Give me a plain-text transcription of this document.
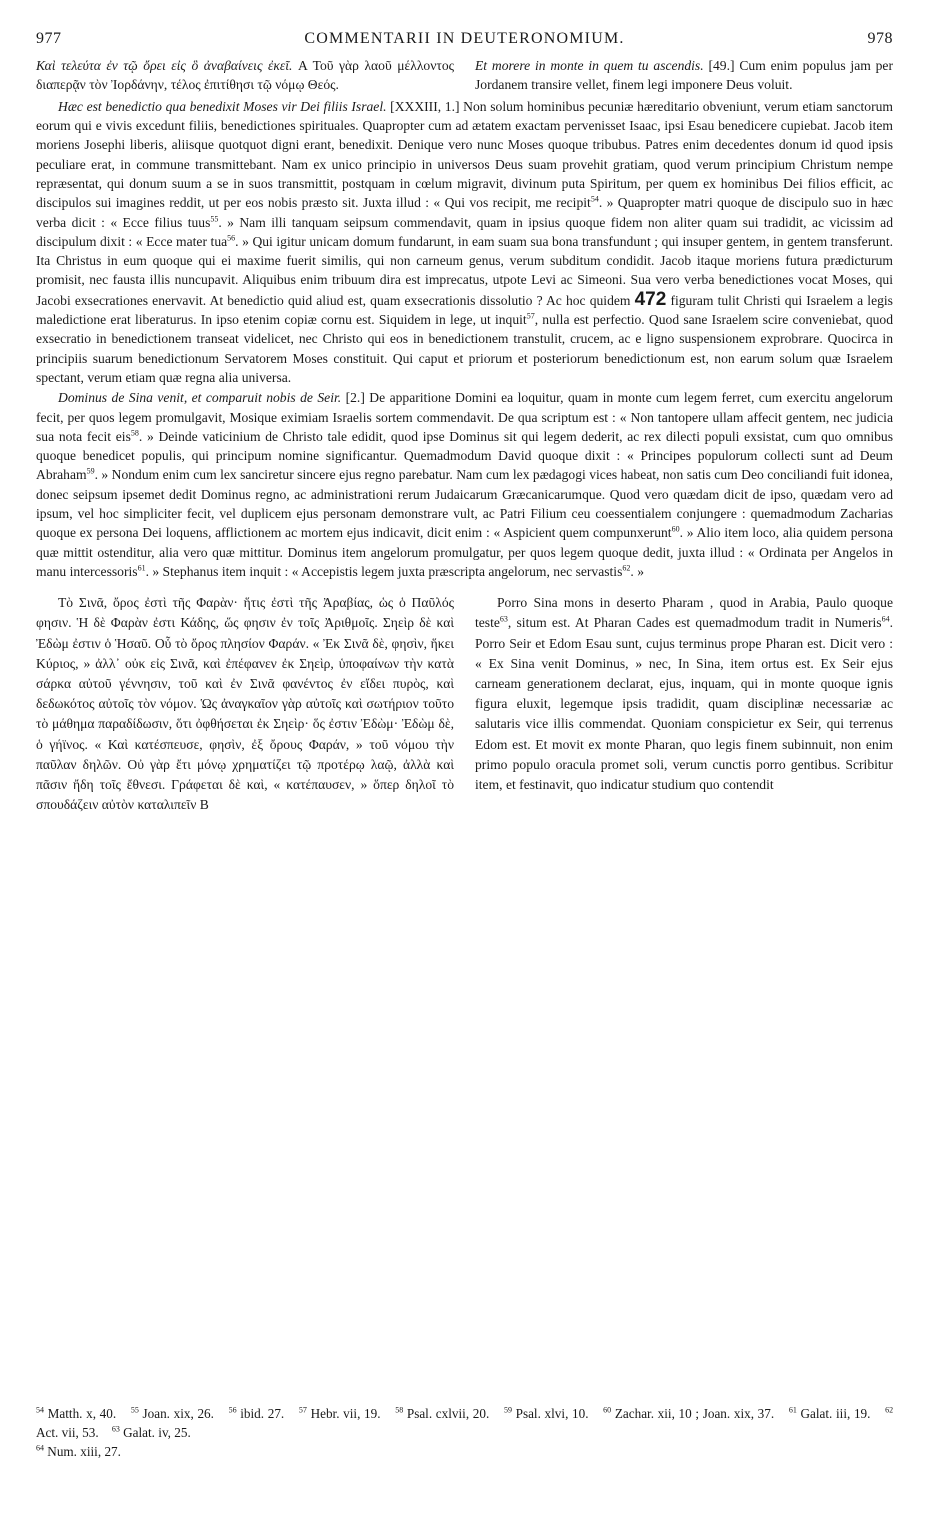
977	COMMENTARII IN DEUTERONOMIUM.	978
Καὶ τελεύτα ἐν τῷ ὄρει εἰς ὃ ἀναβαίνεις ἐκεῖ. A Τοῦ γὰρ λαοῦ μέλλοντος διαπερᾷν τὸν Ἰορδάνην, τέλος ἐπιτίθησι τῷ νόμῳ Θεός.
Et morere in monte in quem tu ascendis. [49.] Cum enim populus jam per Jordanem transire vellet, finem legi imponere Deus voluit.

Hæc est benedictio qua benedixit Moses vir Dei filiis Israel. [XXXIII, 1.] Non solum hominibus pecuniæ hæreditario obveniunt, verum etiam sanctorum eorum qui e vivis excedunt filiis, benedictiones spirituales. Quapropter cum ad ætatem exactam pervenisset Isaac, ipsi Esau benedicere cupiebat. Jacob item moriens Josephi liberis, aliisque quotquot digni erant, benedixit. Denique vero nunc Moses quoque tribubus. Patres enim decedentes donum id quod ipsis peculiare erat, in commune transmittebant. Nam ex unico principio in universos Deus suam provehit gratiam, quod verum principium Christum nempe repræsentat, qui donum suum a se in suos transmittit, postquam in cœlum migravit, divinum puta Spiritum, per quem ex hominibus Dei filios efficit, ac discipulos sui imagines reddit, ut per eos nobis præsto sit. Juxta illud : « Qui vos recipit, me recipit$^{54}$. » Quapropter matri quoque de discipulo suo in hæc verba dicit : « Ecce filius tuus$^{55}$. » Nam illi tanquam seipsum commendavit, quam in ipsius quoque fidem non aliter quam sui tradidit, ac vicissim ad discipulum dixit : « Ecce mater tua$^{56}$. » Qui igitur unicam domum fundarunt, in eam suam sua bona transfundunt ; qui insuper gentem, in gentem transferunt. Ita Christus in eum quoque qui ei maxime fuerit similis, qui non carneum genus, verum subditum condidit. Jacob itaque moriens futura prædicturum promisit, nec fausta illis nuncupavit. Aliquibus enim tribuum dira est imprecatus, utpote Levi ac Simeoni. Sua vero verba benedictiones vocat Moses, qui Jacobi exsecrationes enervavit. At benedictio quid aliud est, quam exsecrationis dissolutio ? Ac hoc quidem 472 figuram tulit Christi qui Israelem a legis maledictione erat liberaturus. In ipso etenim copiæ cornu est. Siquidem in lege, ut inquit$^{57}$, nulla est perfectio. Quod sane Israelem scire conveniebat, quod exsecratio in benedictionem transeat videlicet, nec Christo qui eos in benedictionem transtulit, crucem, ac e ligno suspensionem exprobrare. Quocirca in principiis suarum benedictionum Servatorem Moses constituit. Qui caput et priorum et posteriorum benedictionum est, non earum solum quæ Israelem spectant, verum etiam quæ regna alia universa.

Dominus de Sina venit, et comparuit nobis de Seir. [2.] De apparitione Domini ea loquitur, quam in monte cum legem ferret, cum exercitu angelorum fecit, per quos legem promulgavit, Mosique eximiam Israelis sortem commendavit. De qua scriptum est : « Non tantopere ullam affecit gentem, nec judicia sua nota fecit eis$^{58}$. » Deinde vaticinium de Christo tale edidit, quod ipse Dominus sit qui legem dederit, ac rex dilecti populi exsistat, cum quo omnibus quoque benedicet populis, qui principum nomine significantur. Quemadmodum David quoque dixit : « Principes populorum collecti sunt ad Deum Abraham$^{59}$. » Nondum enim cum lex sanciretur sincere ejus regno parebatur. Nam cum lex pædagogi vices habeat, non satis cum Deo conciliandi fuit idonea, donec seipsum ipsemet dedit Dominus regno, ac administrationi rerum Judaicarum Græcanicarumque. Quod vero quædam dicit de ipso, quædam vero ad ipsum, vel hoc simpliciter fecit, vel duplicem ejus personam demonstrare vult, ac Patri Filium ceu coessentialem conjungere : quemadmodum Zacharias quoque ex persona Dei loquens, afflictionem ac mortem ejus indicavit, dicit enim : « Aspicient quem compunxerunt$^{60}$. » Alio item loco, alia quidem persona quæ mittit ostenditur, alia vero quæ mittitur. Dominus item angelorum promulgatur, per quos legem quoque dedit, juxta illud : « Ordinata per Angelos in manu intercessoris$^{61}$. » Stephanus item inquit : « Accepistis legem juxta præscripta angelorum, nec servastis$^{62}$. »

Τὸ Σινᾶ, ὄρος ἐστὶ τῆς Φαρὰν· ἥτις ἐστὶ τῆς Ἀραβίας, ὡς ὁ Παῦλός φησιν. Ἡ δὲ Φαρὰν ἐστι Κάδης, ὥς φησιν ἐν τοῖς Ἀριθμοῖς. Σηεὶρ δὲ καὶ Ἐδὼμ ἐστιν ὁ Ἡσαῦ. Οὗ τὸ ὄρος πλησίον Φαράν. « Ἐκ Σινᾶ δὲ, φησὶν, ἥκει Κύριος, » ἀλλ᾽ οὐκ εἰς Σινᾶ, καὶ ἐπέφανεν ἐκ Σηεὶρ, ὑποφαίνων τὴν κατὰ σάρκα αὐτοῦ γέννησιν, τοῦ καὶ ἐν Σινᾶ φανέντος ἐν εἴδει πυρὸς, καὶ δεδωκότος αὐτοῖς τὸν νόμον. Ὡς ἀναγκαῖον γὰρ αὐτοῖς καὶ σωτήριον τοῦτο τὸ μάθημα παραδίδωσιν, ὅτι ὀφθήσεται ἐκ Σηεὶρ· ὅς ἐστιν Ἐδὼμ· Ἐδὼμ δὲ, ὁ γήϊνος. « Καὶ κατέσπευσε, φησὶν, ἐξ ὄρους Φαράν, » τοῦ νόμου τὴν παῦλαν δηλῶν. Οὐ γὰρ ἔτι μόνῳ χρηματίζει τῷ προτέρῳ λαῷ, ἀλλὰ καὶ πᾶσιν ἤδη τοῖς ἔθνεσι. Γράφεται δὲ καὶ, « κατέπαυσεν, » ὅπερ δηλοῖ τὸ σπουδάζειν αὐτὸν καταλιπεῖν B

Porro Sina mons in deserto Pharam , quod in Arabia, Paulo quoque teste$^{63}$, situm est. At Pharan Cades est quemadmodum tradit in Numeris$^{64}$. Porro Seir et Edom Esau sunt, cujus terminus prope Pharan est. Dicit vero : « Ex Sina venit Dominus, » nec, In Sina, item ortus est. Ex Seir ejus carneam generationem declarat, ejus, inquam, qui in monte quoque ignis figura eluxit, legemque ipsis tradidit, quam disciplinæ necessariæ ac salutaris vice illis commendat. Quoniam conspicietur ex Seir, qui terrenus Edom est. Et movit ex monte Pharan, quo legis finem subinnuit, non enim primo populo oracula promet soli, verum cunctis porro gentibus. Scribitur item, et festinavit, quo indicatur studium quo contendit

$^{54}$ Matth. x, 40. $^{55}$ Joan. xix, 26. $^{56}$ ibid. 27. $^{57}$ Hebr. vii, 19. $^{58}$ Psal. cxlvii, 20. $^{59}$ Psal. xlvi, 10. $^{60}$ Zachar. xii, 10 ; Joan. xix, 37. $^{61}$ Galat. iii, 19. $^{62}$ Act. vii, 53. $^{63}$ Galat. iv, 25.
$^{64}$ Num. xiii, 27.
